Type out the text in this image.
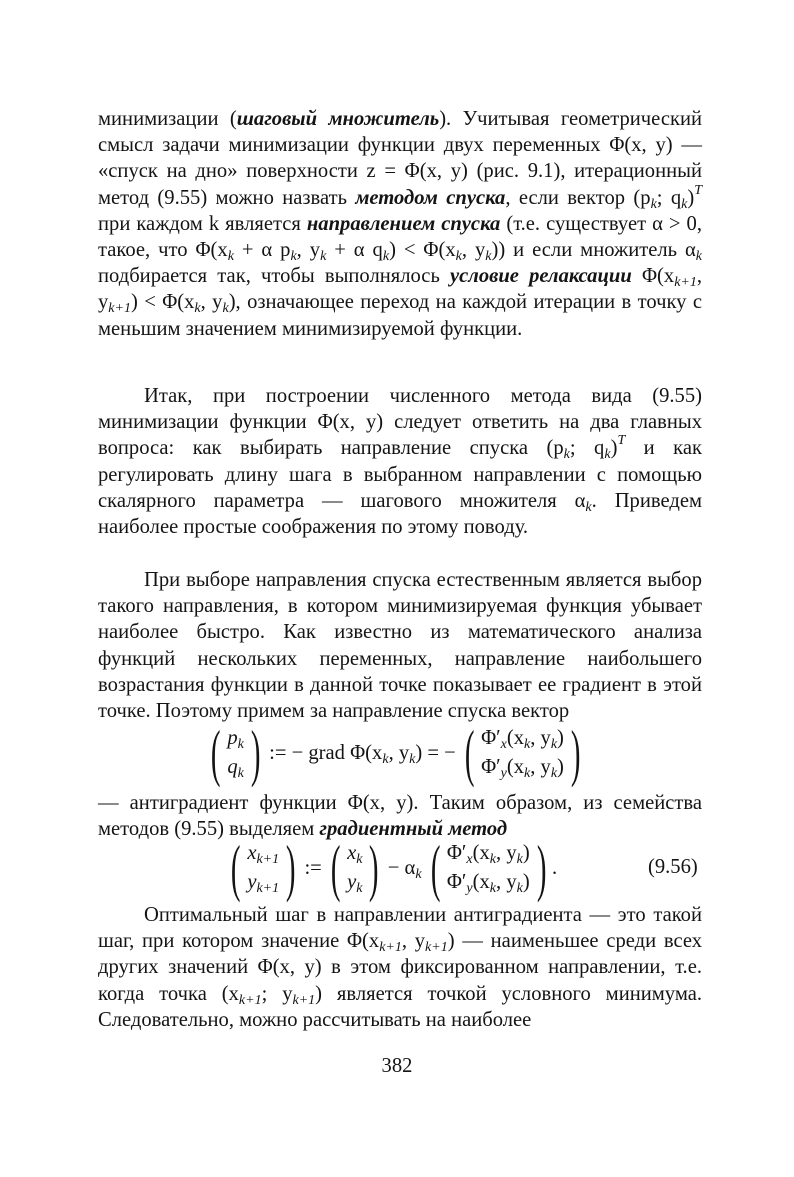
минимизации (шаговый множитель). Учитывая геометрический смысл задачи минимизации функции двух переменных Φ(x, y) — «спуск на дно» поверхности z = Φ(x, y) (рис. 9.1), итерационный метод (9.55) можно назвать методом спуска, если вектор ($p_k$; $q_k)^T$ при каждом k является направлением спуска (т.е. существует α > 0, такое, что $\Phi(x_k + \alpha$ $p_k$, $y_k + \alpha$ $q_k) < \Phi(x_k$, $y_k$)) и если множитель $\alpha_k$ подбирается так, чтобы выполнялось условие релаксации $\Phi(x_{k+1}$, $y_{k+1}) < \Phi(x_k$, $y_k$), означающее переход на каждой итерации в точку с меньшим значением минимизируемой функции.

Итак, при построении численного метода вида (9.55) минимизации функции Φ(x, y) следует ответить на два главных вопроса: как выбирать направление спуска ($p_k$; $q_k)^T$ и как регулировать длину шага в выбранном направлении с помощью скалярного параметра — шагового множителя $\alpha_k$. Приведем наиболее простые соображения по этому поводу.

При выборе направления спуска естественным является выбор такого направления, в котором минимизируемая функция убывает наиболее быстро. Как известно из математического анализа функций нескольких переменных, направление наибольшего возрастания функции в данной точке показывает ее градиент в этой точке. Поэтому примем за направление спуска вектор

( $p_k$
$q_k$ ) := − grad $\Phi(x_k$, $y_k$) = − ( $\Phi'_x(x_k$, $y_k$)
$\Phi'_y(x_k$, $y_k$) )

— антиградиент функции Φ(x, y). Таким образом, из семейства методов (9.55) выделяем градиентный метод

( $x_{k+1}$
$y_{k+1}$ ) := ( $x_k$
$y_k$ ) − $\alpha_k$ ( $\Phi'_x(x_k$, $y_k$)
$\Phi'_y(x_k$, $y_k$) ) .	(9.56)

Оптимальный шаг в направлении антиградиента — это такой шаг, при котором значение $\Phi(x_{k+1}$, $y_{k+1}$) — наименьшее среди всех других значений Φ(x, y) в этом фиксированном направлении, т.е. когда точка ($x_{k+1}$; $y_{k+1}$) является точкой условного минимума. Следовательно, можно рассчитывать на наиболее

382
